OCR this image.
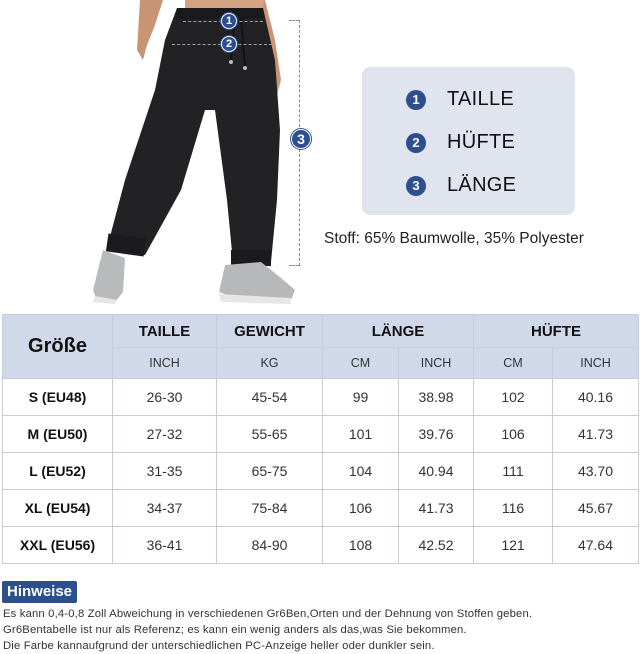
1
2
3
1	TAILLE
2	HÜFTE
3	LÄNGE
Stoff: 65% Baumwolle, 35% Polyester
Größe	TAILLE	GEWICHT	LÄNGE		HÜFTE	
	INCH	KG	CM	INCH	CM	INCH
S (EU48)	26-30	45-54	99	38.98	102	40.16
M (EU50)	27-32	55-65	101	39.76	106	41.73
L (EU52)	31-35	65-75	104	40.94	111	43.70
XL (EU54)	34-37	75-84	106	41.73	116	45.67
XXL (EU56)	36-41	84-90	108	42.52	121	47.64
Hinweise
Es kann 0,4-0,8 Zoll Abweichung in verschiedenen Gr6Ben,Orten und der Dehnung von Stoffen geben.
Gr6Bentabelle ist nur als Referenz; es kann ein wenig anders als das,was Sie bekommen.
Die Farbe kannaufgrund der unterschiedlichen PC-Anzeige heller oder dunkler sein.
